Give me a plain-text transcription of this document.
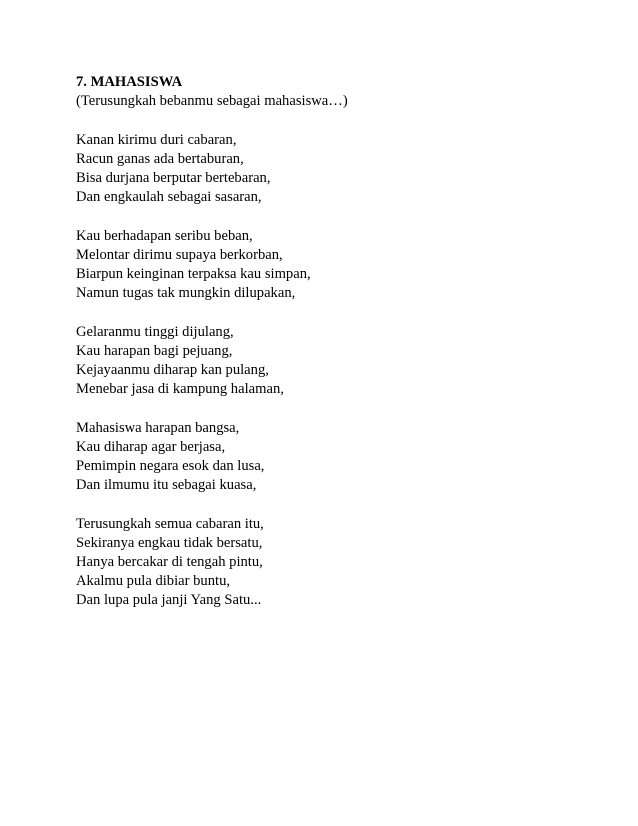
7. MAHASISWA
(Terusungkah bebanmu sebagai mahasiswa…)
Kanan kirimu duri cabaran,
Racun ganas ada bertaburan,
Bisa durjana berputar bertebaran,
Dan engkaulah sebagai sasaran,
Kau berhadapan seribu beban,
Melontar dirimu supaya berkorban,
Biarpun keinginan terpaksa kau simpan,
Namun tugas tak mungkin dilupakan,
Gelaranmu tinggi dijulang,
Kau harapan bagi pejuang,
Kejayaanmu diharap kan pulang,
Menebar jasa di kampung halaman,
Mahasiswa harapan bangsa,
Kau diharap agar berjasa,
Pemimpin negara esok dan lusa,
Dan ilmumu itu sebagai kuasa,
Terusungkah semua cabaran itu,
Sekiranya engkau tidak bersatu,
Hanya bercakar di tengah pintu,
Akalmu pula dibiar buntu,
Dan lupa pula janji Yang Satu...
